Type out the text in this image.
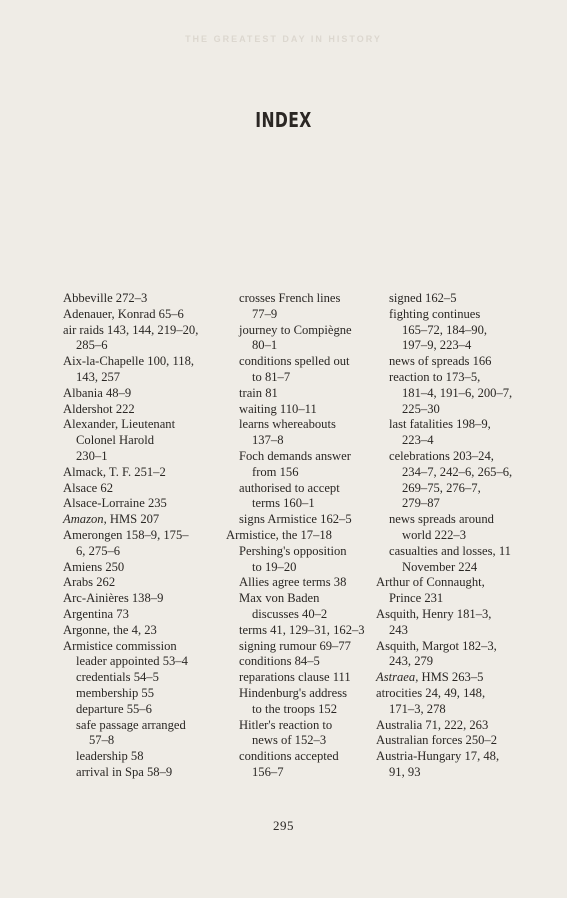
THE GREATEST DAY IN HISTORY
INDEX
Abbeville 272–3
Adenauer, Konrad 65–6
air raids 143, 144, 219–20,
285–6
Aix-la-Chapelle 100, 118,
143, 257
Albania 48–9
Aldershot 222
Alexander, Lieutenant
Colonel Harold
230–1
Almack, T. F. 251–2
Alsace 62
Alsace-Lorraine 235
Amazon, HMS 207
Amerongen 158–9, 175–
6, 275–6
Amiens 250
Arabs 262
Arc-Ainières 138–9
Argentina 73
Argonne, the 4, 23
Armistice commission
leader appointed 53–4
credentials 54–5
membership 55
departure 55–6
safe passage arranged
57–8
leadership 58
arrival in Spa 58–9
crosses French lines
77–9
journey to Compiègne
80–1
conditions spelled out
to 81–7
train 81
waiting 110–11
learns whereabouts
137–8
Foch demands answer
from 156
authorised to accept
terms 160–1
signs Armistice 162–5
Armistice, the 17–18
Pershing's opposition
to 19–20
Allies agree terms 38
Max von Baden
discusses 40–2
terms 41, 129–31, 162–3
signing rumour 69–77
conditions 84–5
reparations clause 111
Hindenburg's address
to the troops 152
Hitler's reaction to
news of 152–3
conditions accepted
156–7
signed 162–5
fighting continues
165–72, 184–90,
197–9, 223–4
news of spreads 166
reaction to 173–5,
181–4, 191–6, 200–7,
225–30
last fatalities 198–9,
223–4
celebrations 203–24,
234–7, 242–6, 265–6,
269–75, 276–7,
279–87
news spreads around
world 222–3
casualties and losses, 11
November 224
Arthur of Connaught,
Prince 231
Asquith, Henry 181–3,
243
Asquith, Margot 182–3,
243, 279
Astraea, HMS 263–5
atrocities 24, 49, 148,
171–3, 278
Australia 71, 222, 263
Australian forces 250–2
Austria-Hungary 17, 48,
91, 93
295
